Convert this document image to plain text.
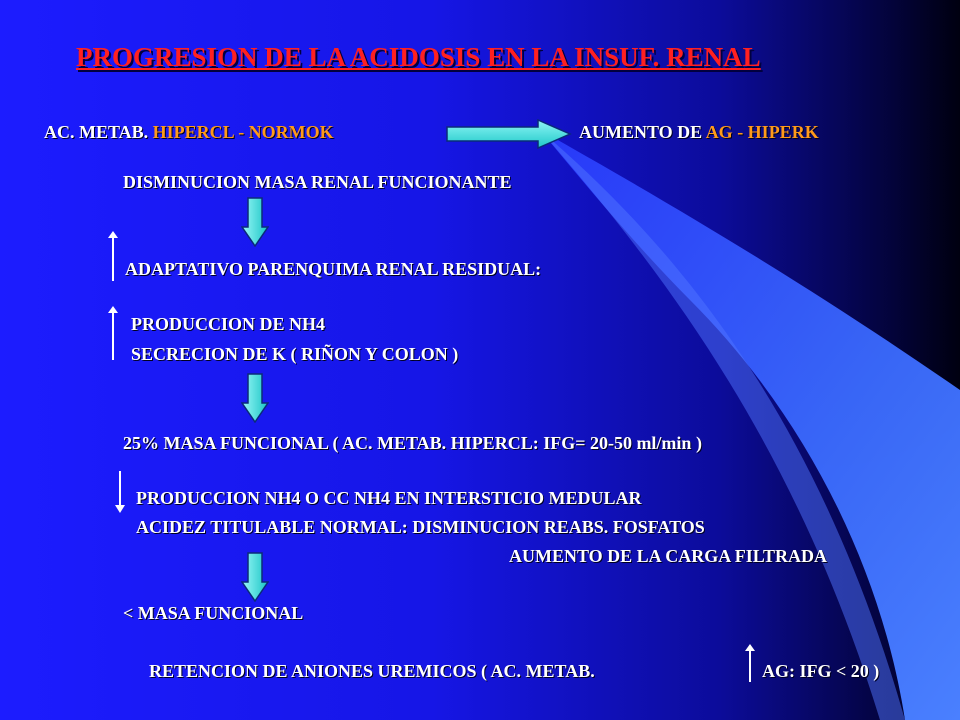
PROGRESION DE LA ACIDOSIS EN LA INSUF. RENAL
AC. METAB. HIPERCL - NORMOK	AUMENTO DE AG - HIPERK
DISMINUCION MASA RENAL FUNCIONANTE
ADAPTATIVO PARENQUIMA RENAL RESIDUAL:
PRODUCCION DE NH4
SECRECION DE K ( RIÑON Y COLON )
25% MASA FUNCIONAL ( AC. METAB. HIPERCL: IFG= 20-50 ml/min )
PRODUCCION NH4 O CC NH4 EN INTERSTICIO MEDULAR
ACIDEZ TITULABLE NORMAL: DISMINUCION REABS. FOSFATOS
AUMENTO DE LA CARGA FILTRADA
< MASA FUNCIONAL
RETENCION DE ANIONES UREMICOS ( AC. METAB.	AG: IFG < 20 )
